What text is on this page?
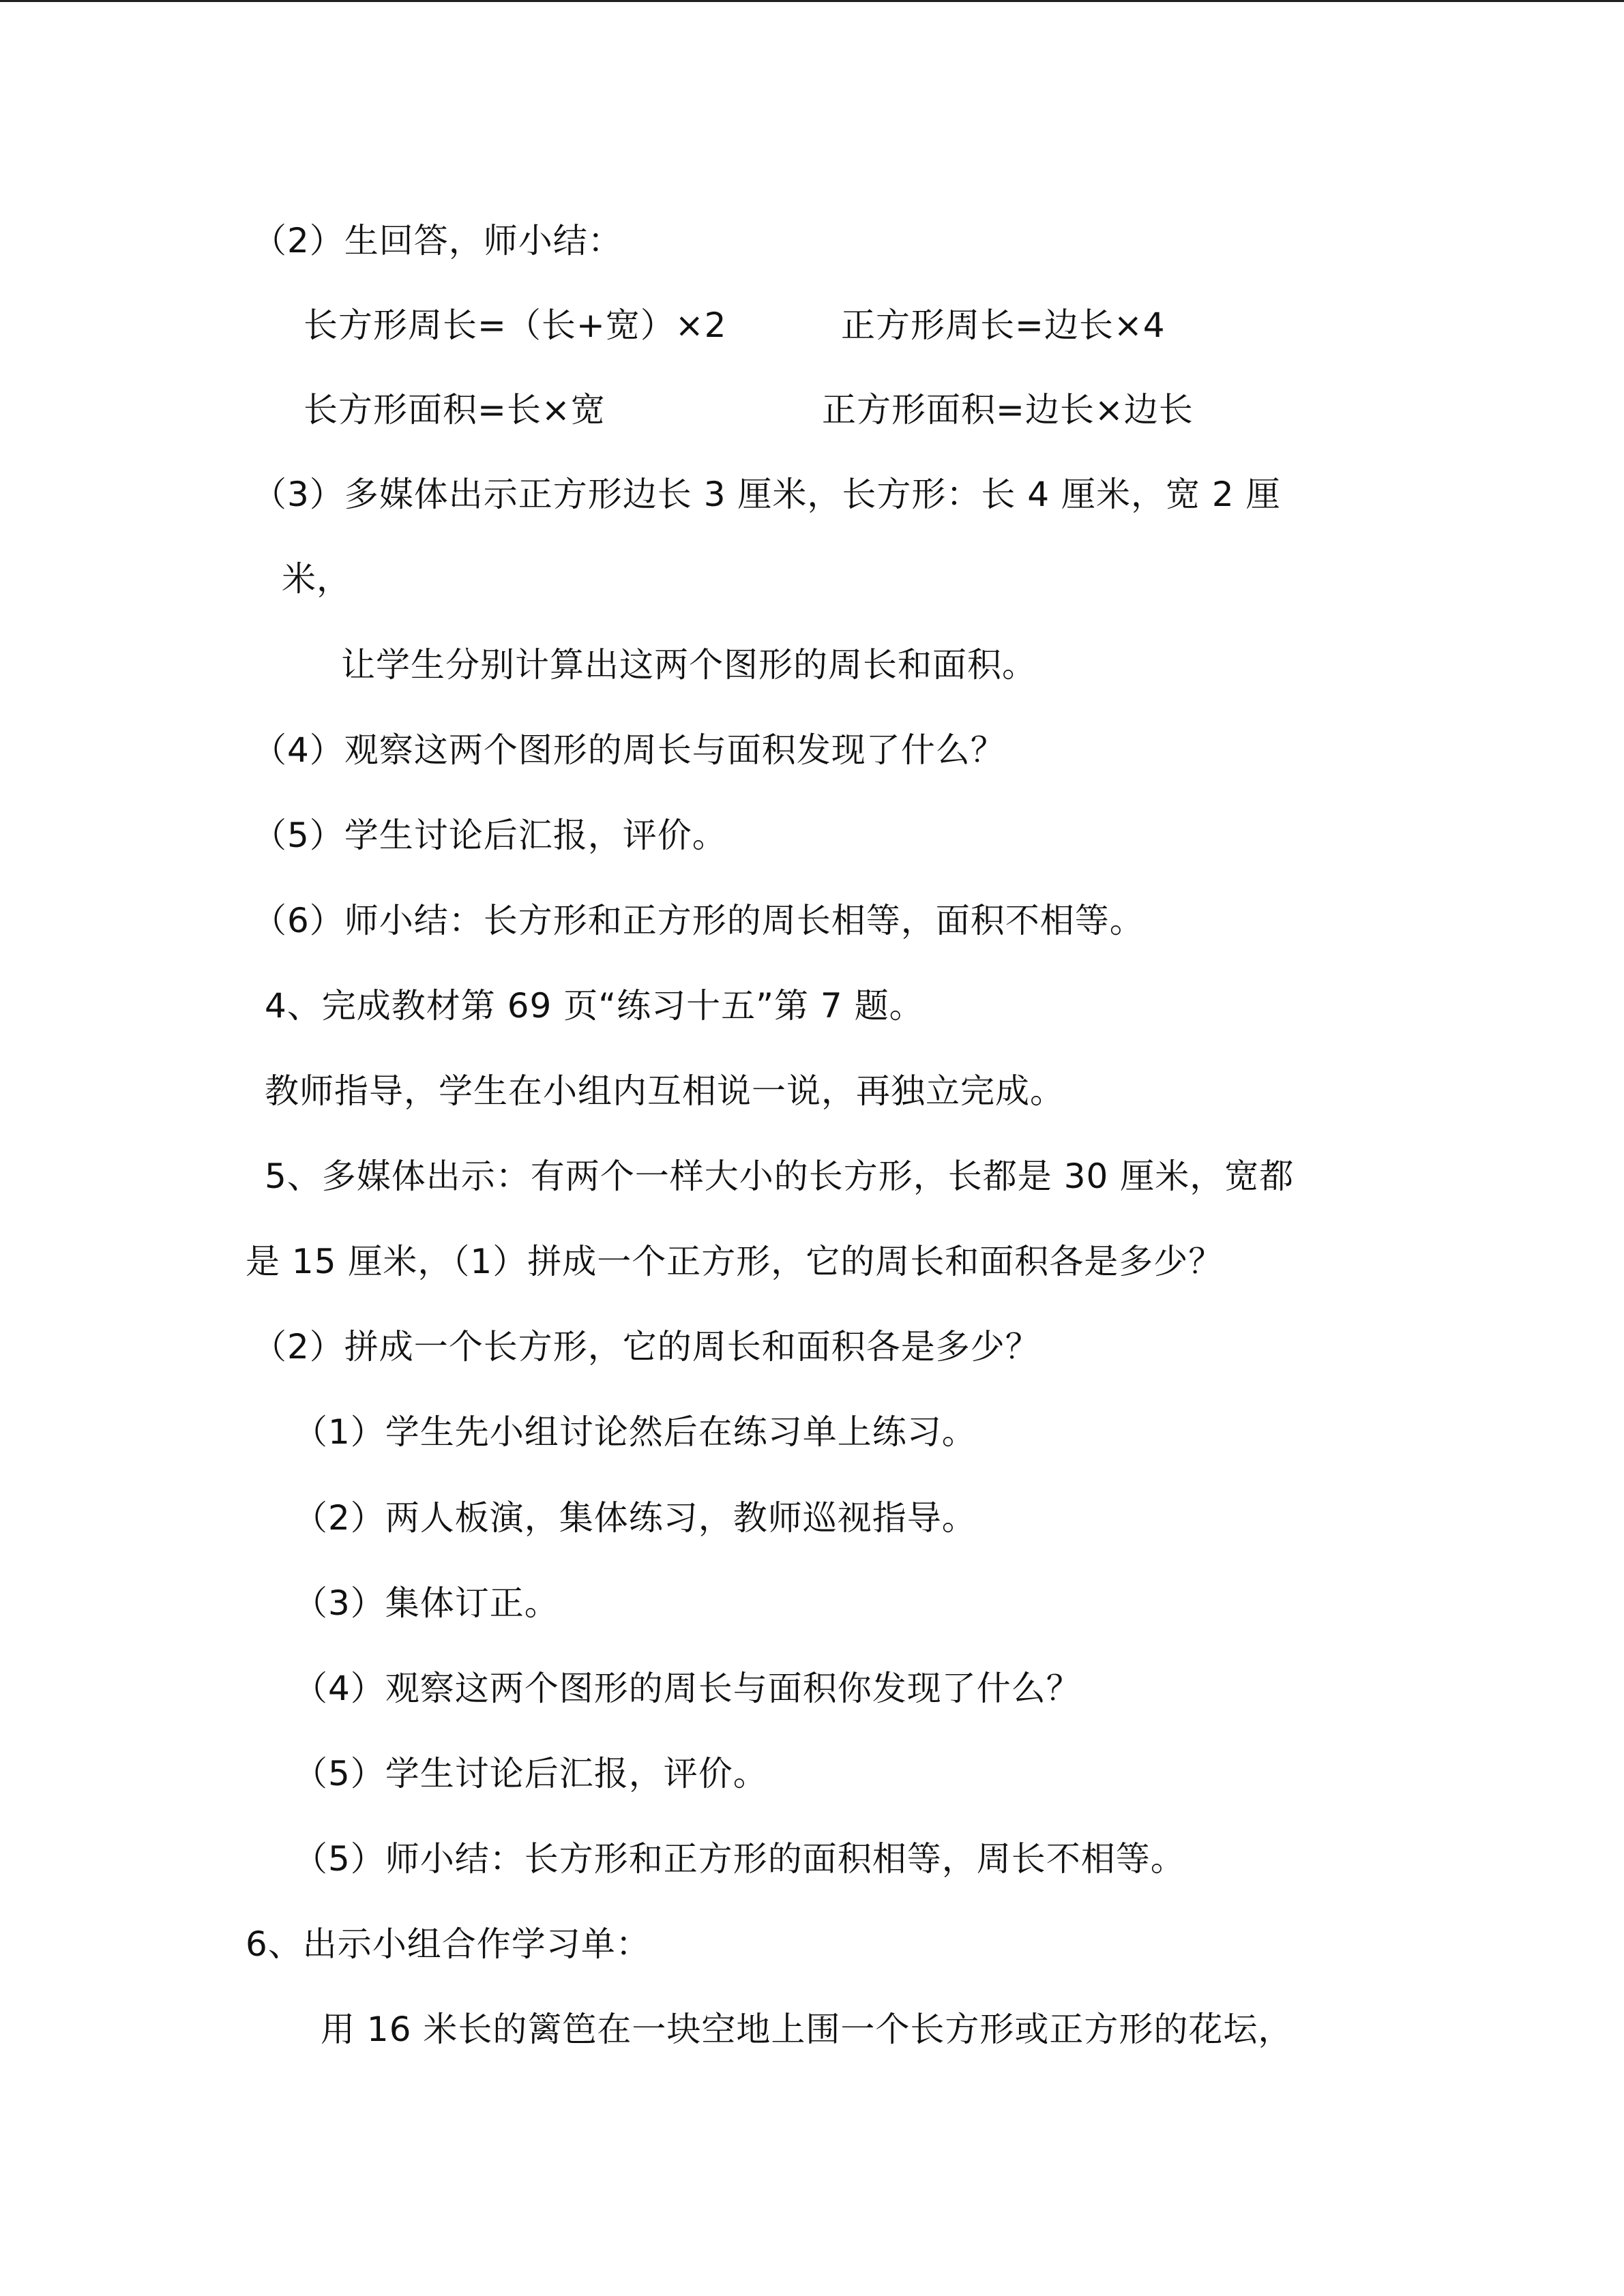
（2）生回答，师小结：
长方形周长=（长+宽）×2	正方形周长=边长×4
长方形面积=长×宽	正方形面积=边长×边长
（3）多媒体出示正方形边长 3 厘米，长方形：长 4 厘米，宽 2 厘
米，
让学生分别计算出这两个图形的周长和面积。
（4）观察这两个图形的周长与面积发现了什么？
（5）学生讨论后汇报，评价。
（6）师小结：长方形和正方形的周长相等，面积不相等。
4、完成教材第 69 页“练习十五”第 7 题。
教师指导，学生在小组内互相说一说，再独立完成。
5、多媒体出示：有两个一样大小的长方形，长都是 30 厘米，宽都
是 15 厘米，（1）拼成一个正方形，它的周长和面积各是多少？
（2）拼成一个长方形，它的周长和面积各是多少？
（1）学生先小组讨论然后在练习单上练习。
（2）两人板演，集体练习，教师巡视指导。
（3）集体订正。
（4）观察这两个图形的周长与面积你发现了什么？
（5）学生讨论后汇报，评价。
（5）师小结：长方形和正方形的面积相等，周长不相等。
6、出示小组合作学习单：
用 16 米长的篱笆在一块空地上围一个长方形或正方形的花坛，
